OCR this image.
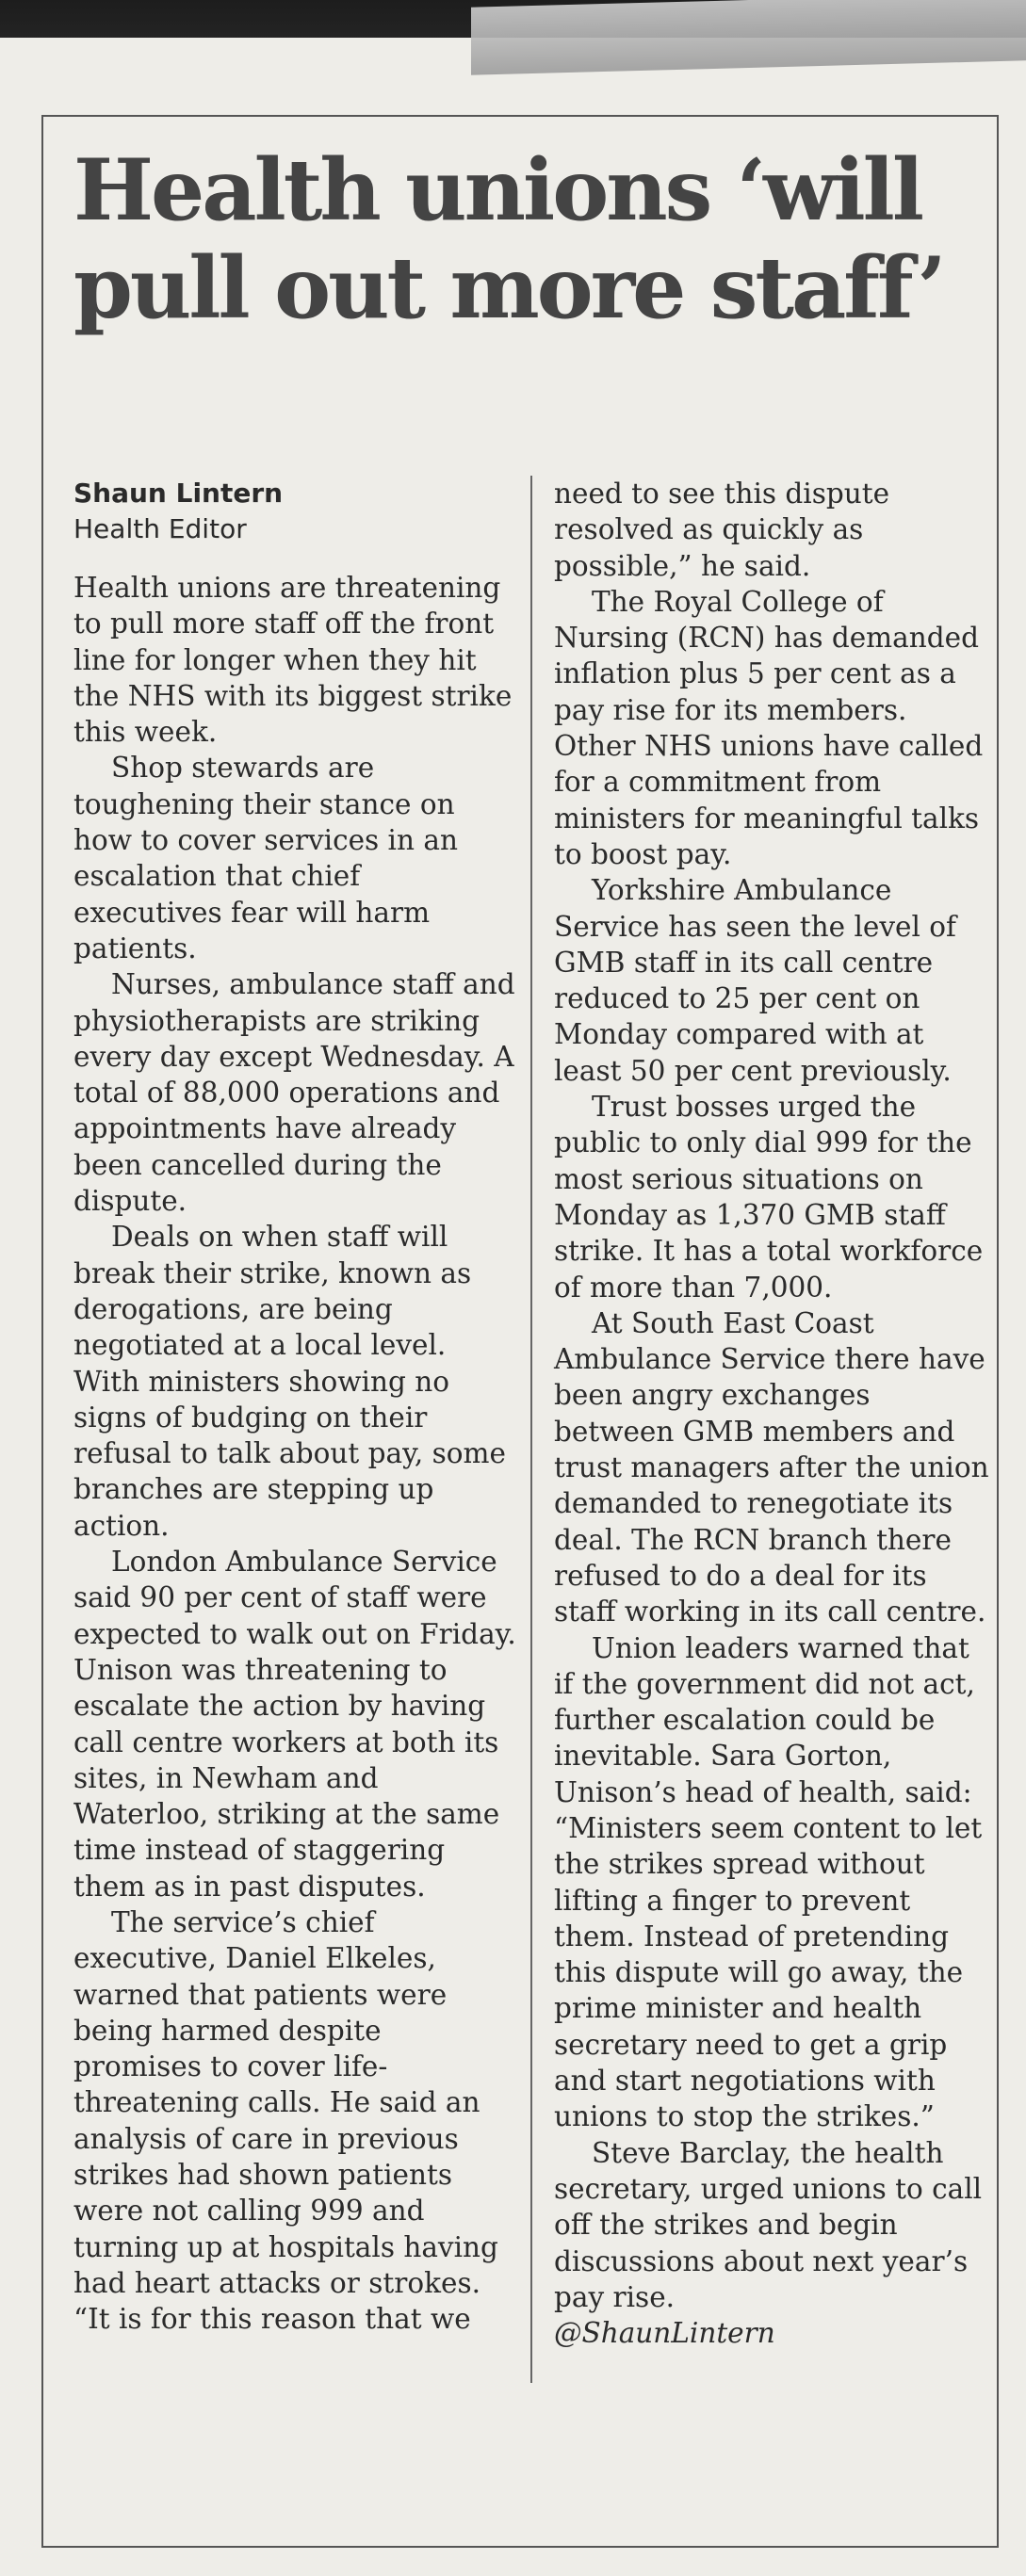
Health unions ‘will pull out more staff’
Shaun Lintern
Health Editor

Health unions are threatening to pull more staff off the front line for longer when they hit the NHS with its biggest strike this week.

Shop stewards are toughening their stance on how to cover services in an escalation that chief executives fear will harm patients.

Nurses, ambulance staff and physiotherapists are striking every day except Wednesday. A total of 88,000 operations and appointments have already been cancelled during the dispute.

Deals on when staff will break their strike, known as derogations, are being negotiated at a local level. With ministers showing no signs of budging on their refusal to talk about pay, some branches are stepping up action.

London Ambulance Service said 90 per cent of staff were expected to walk out on Friday. Unison was threatening to escalate the action by having call centre workers at both its sites, in Newham and Waterloo, striking at the same time instead of staggering them as in past disputes.

The service’s chief executive, Daniel Elkeles, warned that patients were being harmed despite promises to cover life-threatening calls. He said an analysis of care in previous strikes had shown patients were not calling 999 and turning up at hospitals having had heart attacks or strokes. “It is for this reason that we

need to see this dispute resolved as quickly as possible,” he said.

The Royal College of Nursing (RCN) has demanded inflation plus 5 per cent as a pay rise for its members. Other NHS unions have called for a commitment from ministers for meaningful talks to boost pay.

Yorkshire Ambulance Service has seen the level of GMB staff in its call centre reduced to 25 per cent on Monday compared with at least 50 per cent previously.

Trust bosses urged the public to only dial 999 for the most serious situations on Monday as 1,370 GMB staff strike. It has a total workforce of more than 7,000.

At South East Coast Ambulance Service there have been angry exchanges between GMB members and trust managers after the union demanded to renegotiate its deal. The RCN branch there refused to do a deal for its staff working in its call centre.

Union leaders warned that if the government did not act, further escalation could be inevitable. Sara Gorton, Unison’s head of health, said: “Ministers seem content to let the strikes spread without lifting a finger to prevent them. Instead of pretending this dispute will go away, the prime minister and health secretary need to get a grip and start negotiations with unions to stop the strikes.”

Steve Barclay, the health secretary, urged unions to call off the strikes and begin discussions about next year’s pay rise.

@ShaunLintern
